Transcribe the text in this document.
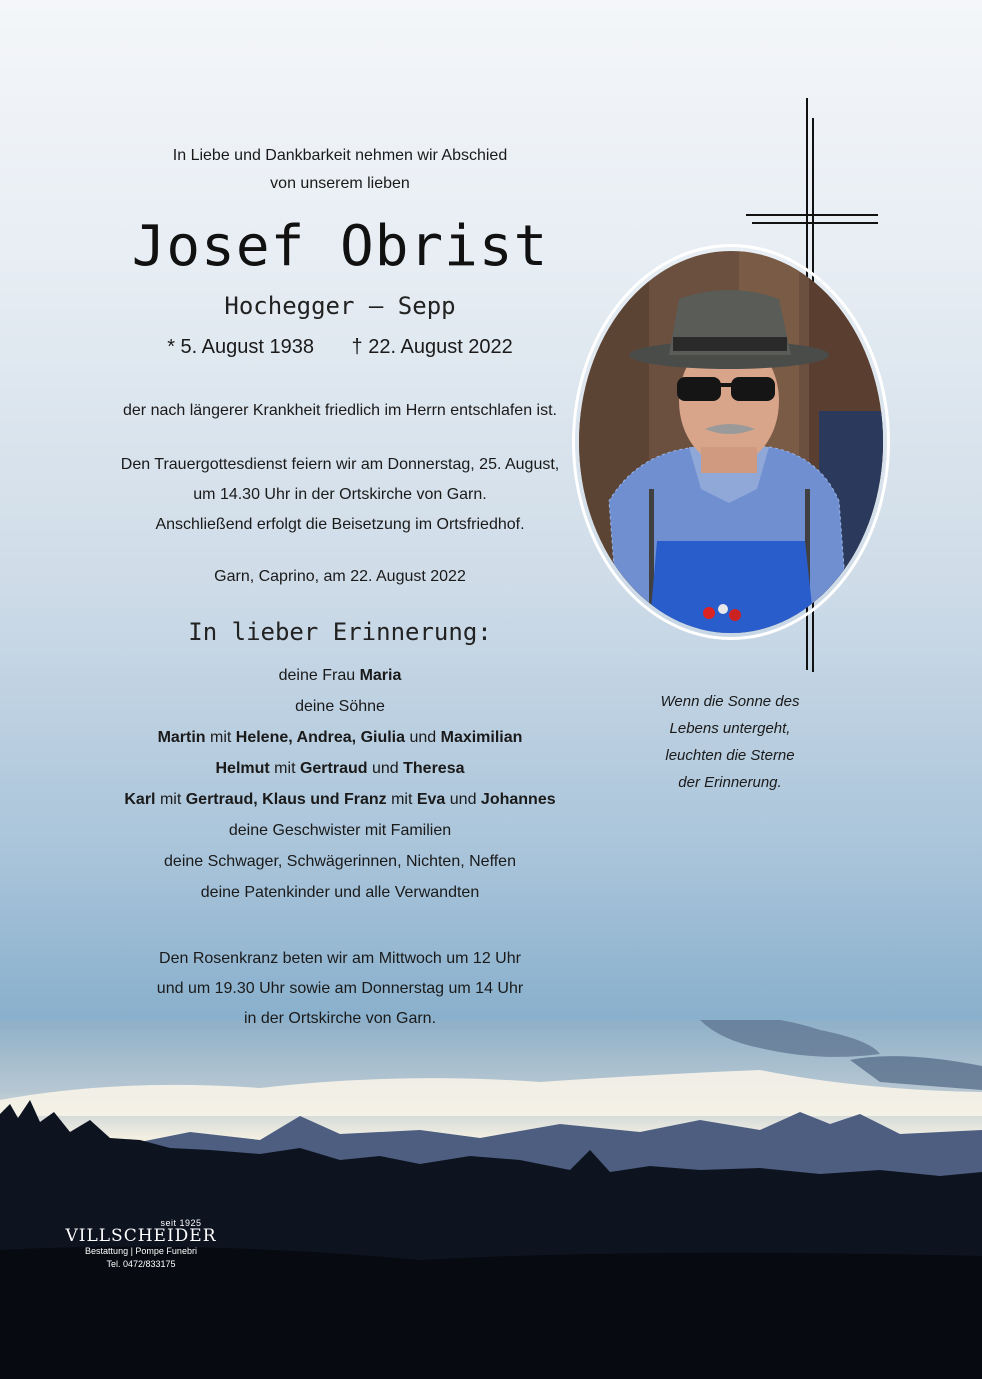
In Liebe und Dankbarkeit nehmen wir Abschied
von unserem lieben
Josef Obrist
Hochegger – Sepp
* 5. August 1938 † 22. August 2022
der nach längerer Krankheit friedlich im Herrn entschlafen ist.
Den Trauergottesdienst feiern wir am Donnerstag, 25. August,
um 14.30 Uhr in der Ortskirche von Garn.
Anschließend erfolgt die Beisetzung im Ortsfriedhof.
Garn, Caprino, am 22. August 2022
In lieber Erinnerung:
deine Frau Maria
deine Söhne
Martin mit Helene, Andrea, Giulia und Maximilian
Helmut mit Gertraud und Theresa
Karl mit Gertraud, Klaus und Franz mit Eva und Johannes
deine Geschwister mit Familien
deine Schwager, Schwägerinnen, Nichten, Neffen
deine Patenkinder und alle Verwandten
Den Rosenkranz beten wir am Mittwoch um 12 Uhr
und um 19.30 Uhr sowie am Donnerstag um 14 Uhr
in der Ortskirche von Garn.
Wenn die Sonne des
Lebens untergeht,
leuchten die Sterne
der Erinnerung.
seit 1925
VILLSCHEIDER
Bestattung | Pompe Funebri
Tel. 0472/833175
